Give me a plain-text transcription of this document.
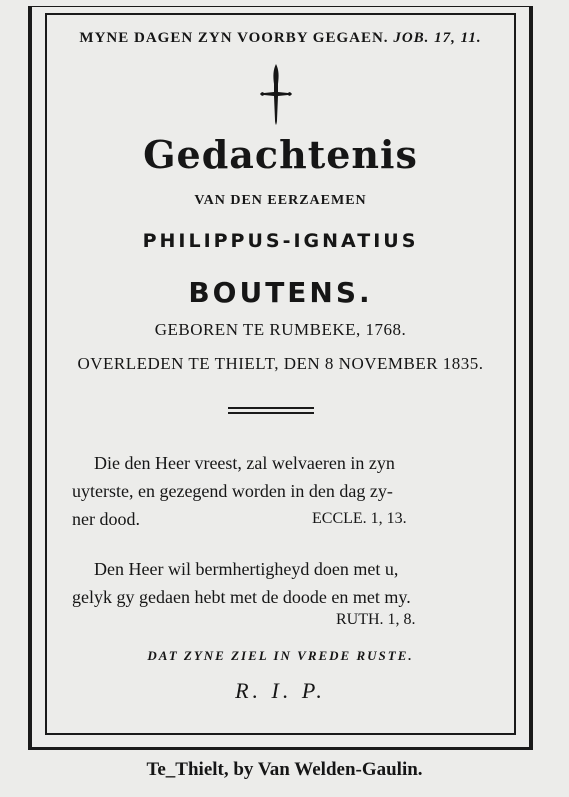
MYNE DAGEN ZYN VOORBY GEGAEN. JOB. 17, 11.
Gedachtenis
VAN DEN EERZAEMEN
PHILIPPUS-IGNATIUS
BOUTENS.
GEBOREN TE RUMBEKE, 1768.
OVERLEDEN TE THIELT, DEN 8 NOVEMBER 1835.
Die den Heer vreest, zal welvaeren in zyn
uyterste, en gezegend worden in den dag zy-
ner dood.	ECCLE. 1, 13.
Den Heer wil bermhertigheyd doen met u,
gelyk gy gedaen hebt met de doode en met my.
RUTH. 1, 8.
DAT ZYNE ZIEL IN VREDE RUSTE.
R. I. P.
Te_Thielt, by Van Welden-Gaulin.
